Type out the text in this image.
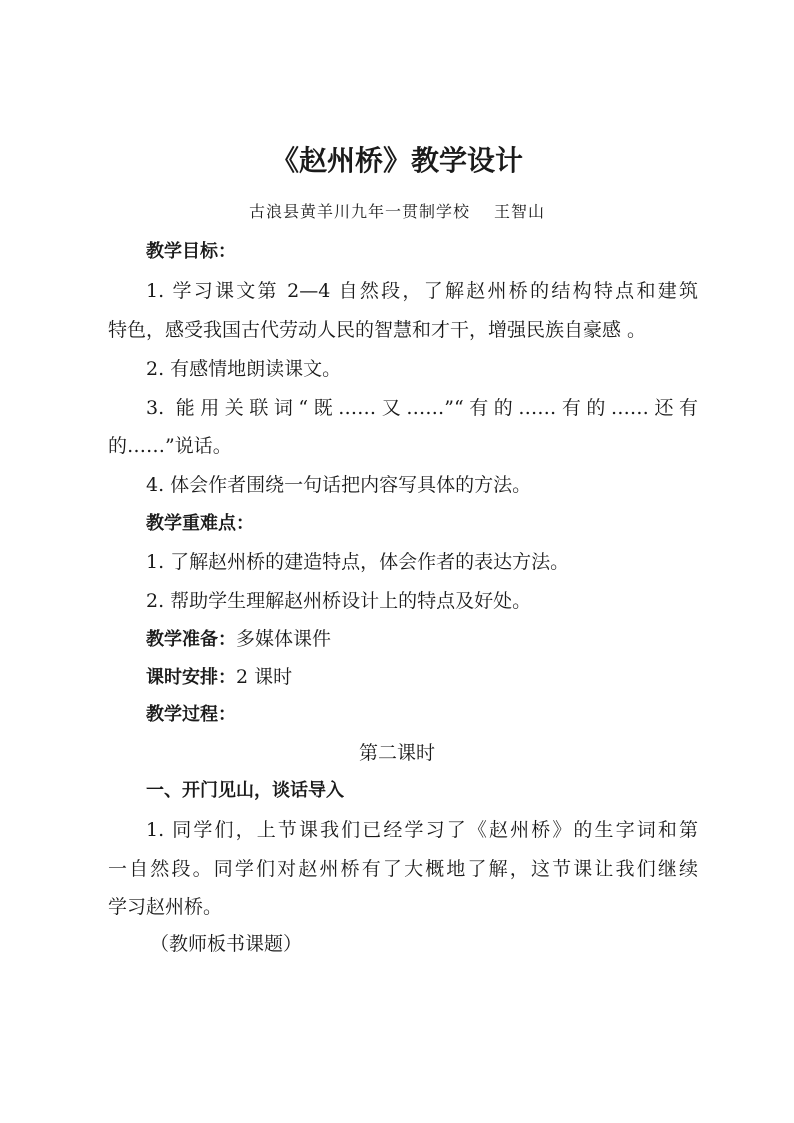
《赵州桥》教学设计
古浪县黄羊川九年一贯制学校 王智山
教学目标：
1. 学习课文第 2—4 自然段，了解赵州桥的结构特点和建筑
特色，感受我国古代劳动人民的智慧和才干，增强民族自豪感 。
2. 有感情地朗读课文。
3. 能用关联词“既……又……”“有的……有的……还有
的……”说话。
4. 体会作者围绕一句话把内容写具体的方法。
教学重难点：
1. 了解赵州桥的建造特点，体会作者的表达方法。
2. 帮助学生理解赵州桥设计上的特点及好处。
教学准备：多媒体课件
课时安排：2 课时
教学过程：
第二课时
一、开门见山，谈话导入
1. 同学们，上节课我们已经学习了《赵州桥》的生字词和第
一自然段。同学们对赵州桥有了大概地了解，这节课让我们继续
学习赵州桥。
（教师板书课题）
